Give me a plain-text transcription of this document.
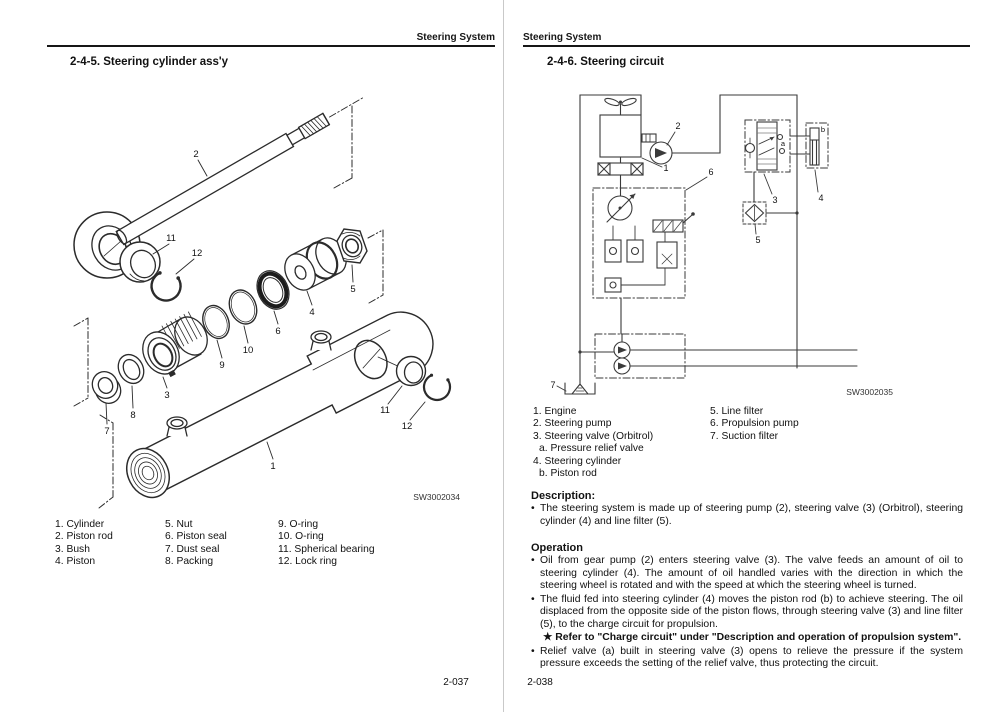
Steering System
2-4-5. Steering cylinder ass'y
2
11
12
3
8
7
9
10
6
4
5
1
11
12
SW3002034
1. Cylinder
2. Piston rod
3. Bush
4. Piston
5. Nut
6. Piston seal
7. Dust seal
8. Packing
9. O-ring
10. O-ring
11. Spherical bearing
12. Lock ring
2-037
Steering System
2-4-6. Steering circuit
1
2
3	4
5
6
7
a
b
SW3002035
1. Engine
2. Steering pump
3. Steering valve (Orbitrol)
a. Pressure relief valve
4. Steering cylinder
b. Piston rod
5. Line filter
6. Propulsion pump
7. Suction filter
Description:

• The steering system is made up of steering pump (2), steering valve (3) (Orbitrol), steering cylinder (4) and line filter (5).

Operation

• Oil from gear pump (2) enters steering valve (3). The valve feeds an amount of oil to steering cylinder (4). The amount of oil handled varies with the direction in which the steering wheel is rotated and with the speed at which the steering wheel is turned.

• The fluid fed into steering cylinder (4) moves the piston rod (b) to achieve steering. The oil displaced from the opposite side of the piston flows, through steering valve (3) and line filter (5), to the charge circuit for propulsion.

★ Refer to "Charge circuit" under "Description and operation of propulsion system".

• Relief valve (a) built in steering valve (3) opens to relieve the pressure if the system pressure exceeds the setting of the relief valve, thus protecting the circuit.

2-038
